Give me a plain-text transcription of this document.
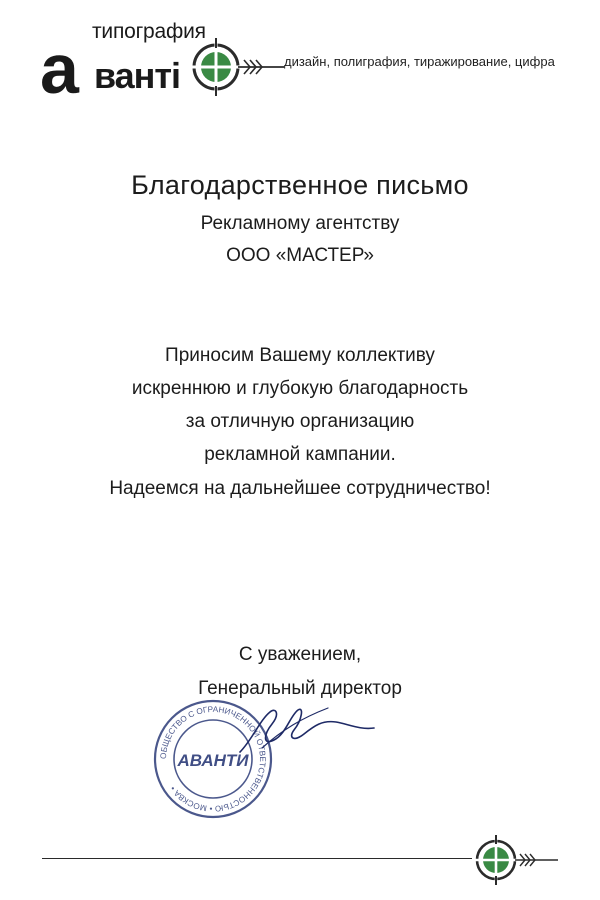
типография
а ванті	дизайн, полиграфия, тиражирование, цифра
Благодарственное письмо
Рекламному агентству
ООО «МАСТЕР»
Приносим Вашему коллективу
искреннюю и глубокую благодарность
за отличную организацию
рекламной кампании.
Надеемся на дальнейшее сотрудничество!
С уважением,
Генеральный директор
ОБЩЕСТВО С ОГРАНИЧЕННОЙ ОТВЕТСТВЕННОСТЬЮ • МОСКВА •
АВАНТИ
